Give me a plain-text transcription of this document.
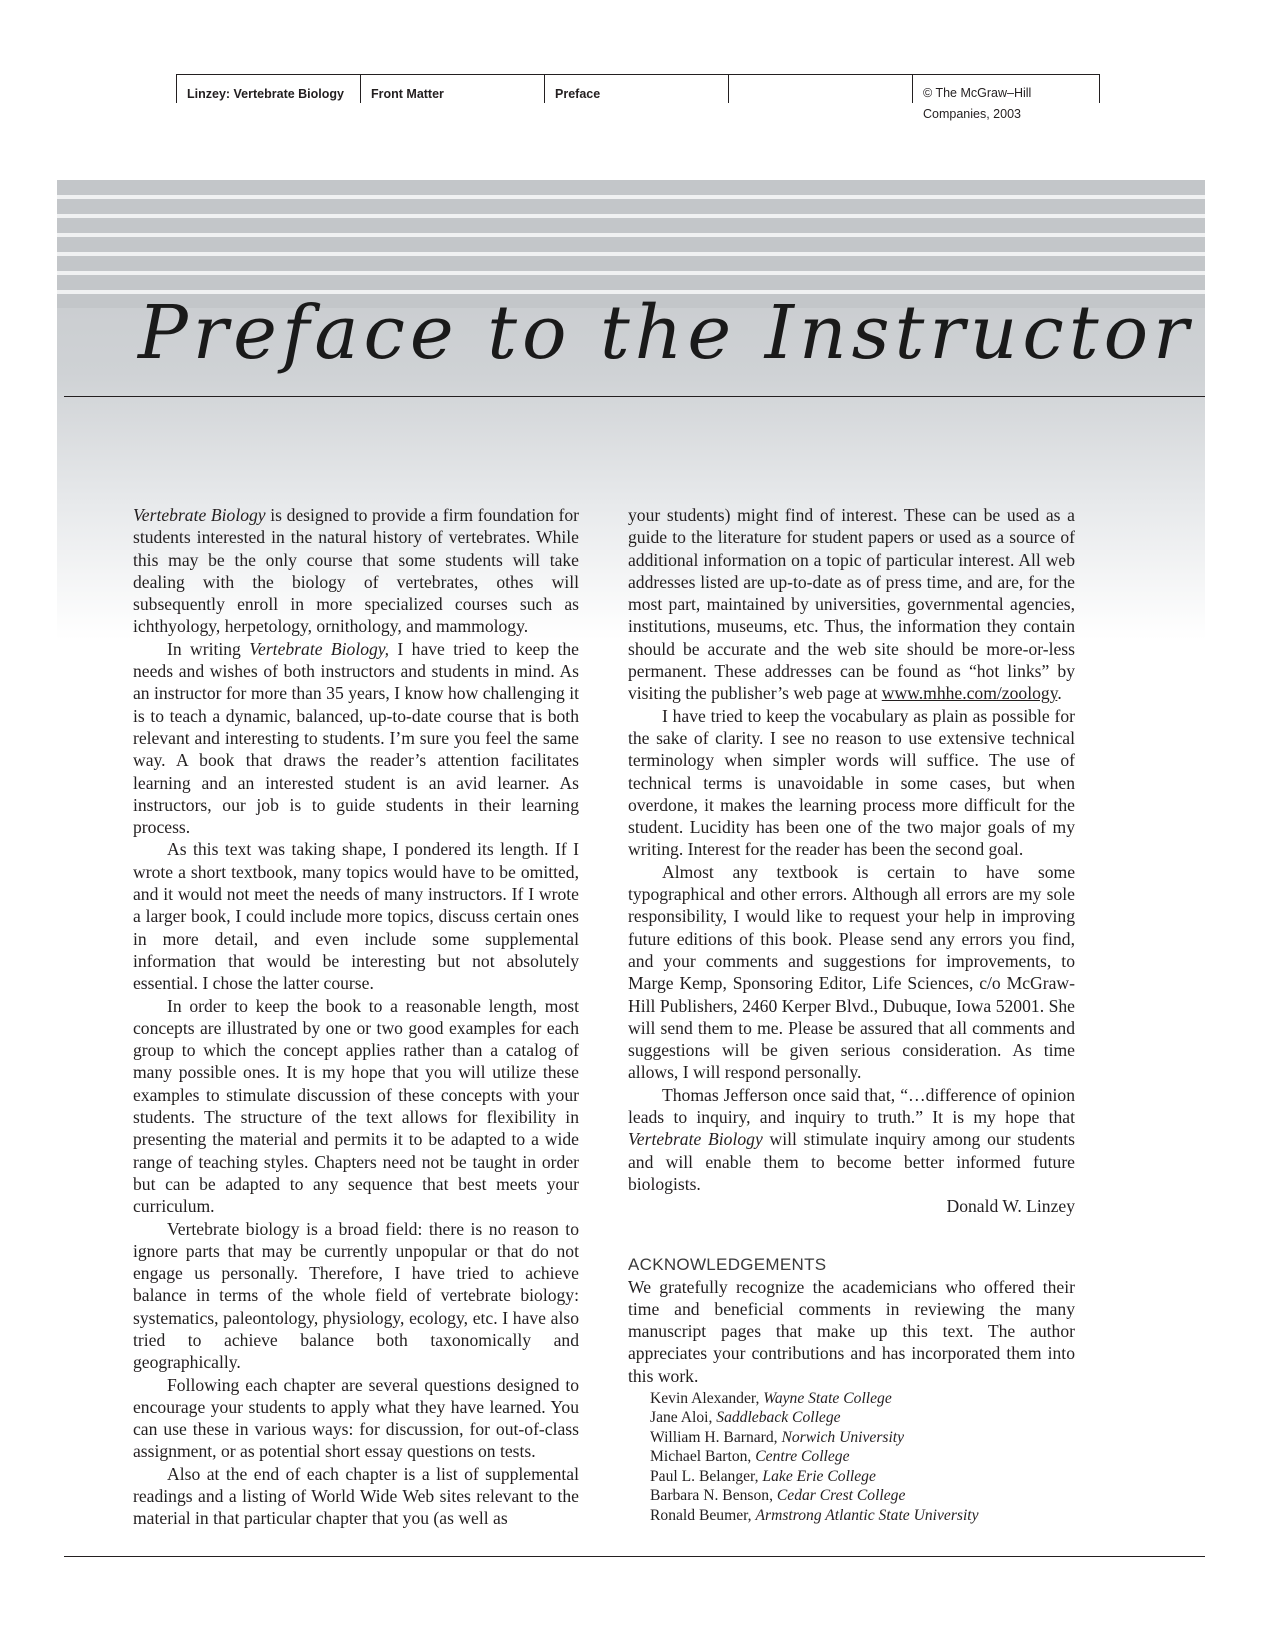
Linzey: Vertebrate Biology	Front Matter	Preface	© The McGraw–Hill
Companies, 2003
Preface to the Instructor

Vertebrate Biology is designed to provide a firm foundation for students interested in the natural history of vertebrates. While this may be the only course that some students will take dealing with the biology of vertebrates, othes will subsequently enroll in more specialized courses such as ichthyology, herpetology, ornithology, and mammology.

In writing Vertebrate Biology, I have tried to keep the needs and wishes of both instructors and students in mind. As an instructor for more than 35 years, I know how challenging it is to teach a dynamic, balanced, up-to-date course that is both relevant and interesting to students. I’m sure you feel the same way. A book that draws the reader’s attention facilitates learning and an interested student is an avid learner. As instructors, our job is to guide students in their learning process.

As this text was taking shape, I pondered its length. If I wrote a short textbook, many topics would have to be omitted, and it would not meet the needs of many instructors. If I wrote a larger book, I could include more topics, discuss certain ones in more detail, and even include some supplemental information that would be interesting but not absolutely essential. I chose the latter course.

In order to keep the book to a reasonable length, most concepts are illustrated by one or two good examples for each group to which the concept applies rather than a catalog of many possible ones. It is my hope that you will utilize these examples to stimulate discussion of these concepts with your students. The structure of the text allows for flexibility in presenting the material and permits it to be adapted to a wide range of teaching styles. Chapters need not be taught in order but can be adapted to any sequence that best meets your curriculum.

Vertebrate biology is a broad field: there is no reason to ignore parts that may be currently unpopular or that do not engage us personally. Therefore, I have tried to achieve balance in terms of the whole field of vertebrate biology: systematics, paleontology, physiology, ecology, etc. I have also tried to achieve balance both taxonomically and geographically.

Following each chapter are several questions designed to encourage your students to apply what they have learned. You can use these in various ways: for discussion, for out-of-class assignment, or as potential short essay questions on tests.

Also at the end of each chapter is a list of supplemental readings and a listing of World Wide Web sites relevant to the material in that particular chapter that you (as well as

your students) might find of interest. These can be used as a guide to the literature for student papers or used as a source of additional information on a topic of particular interest. All web addresses listed are up-to-date as of press time, and are, for the most part, maintained by universities, governmental agencies, institutions, museums, etc. Thus, the information they contain should be accurate and the web site should be more-or-less permanent. These addresses can be found as “hot links” by visiting the publisher’s web page at www.mhhe.com/zoology.

I have tried to keep the vocabulary as plain as possible for the sake of clarity. I see no reason to use extensive technical terminology when simpler words will suffice. The use of technical terms is unavoidable in some cases, but when overdone, it makes the learning process more difficult for the student. Lucidity has been one of the two major goals of my writing. Interest for the reader has been the second goal.

Almost any textbook is certain to have some typographical and other errors. Although all errors are my sole responsibility, I would like to request your help in improving future editions of this book. Please send any errors you find, and your comments and suggestions for improvements, to Marge Kemp, Sponsoring Editor, Life Sciences, c/o McGraw-Hill Publishers, 2460 Kerper Blvd., Dubuque, Iowa 52001. She will send them to me. Please be assured that all comments and suggestions will be given serious consideration. As time allows, I will respond personally.

Thomas Jefferson once said that, “…difference of opinion leads to inquiry, and inquiry to truth.” It is my hope that Vertebrate Biology will stimulate inquiry among our students and will enable them to become better informed future biologists.

Donald W. Linzey

ACKNOWLEDGEMENTS

We gratefully recognize the academicians who offered their time and beneficial comments in reviewing the many manuscript pages that make up this text. The author appreciates your contributions and has incorporated them into this work.

Kevin Alexander, Wayne State College
Jane Aloi, Saddleback College
William H. Barnard, Norwich University
Michael Barton, Centre College
Paul L. Belanger, Lake Erie College
Barbara N. Benson, Cedar Crest College
Ronald Beumer, Armstrong Atlantic State University
